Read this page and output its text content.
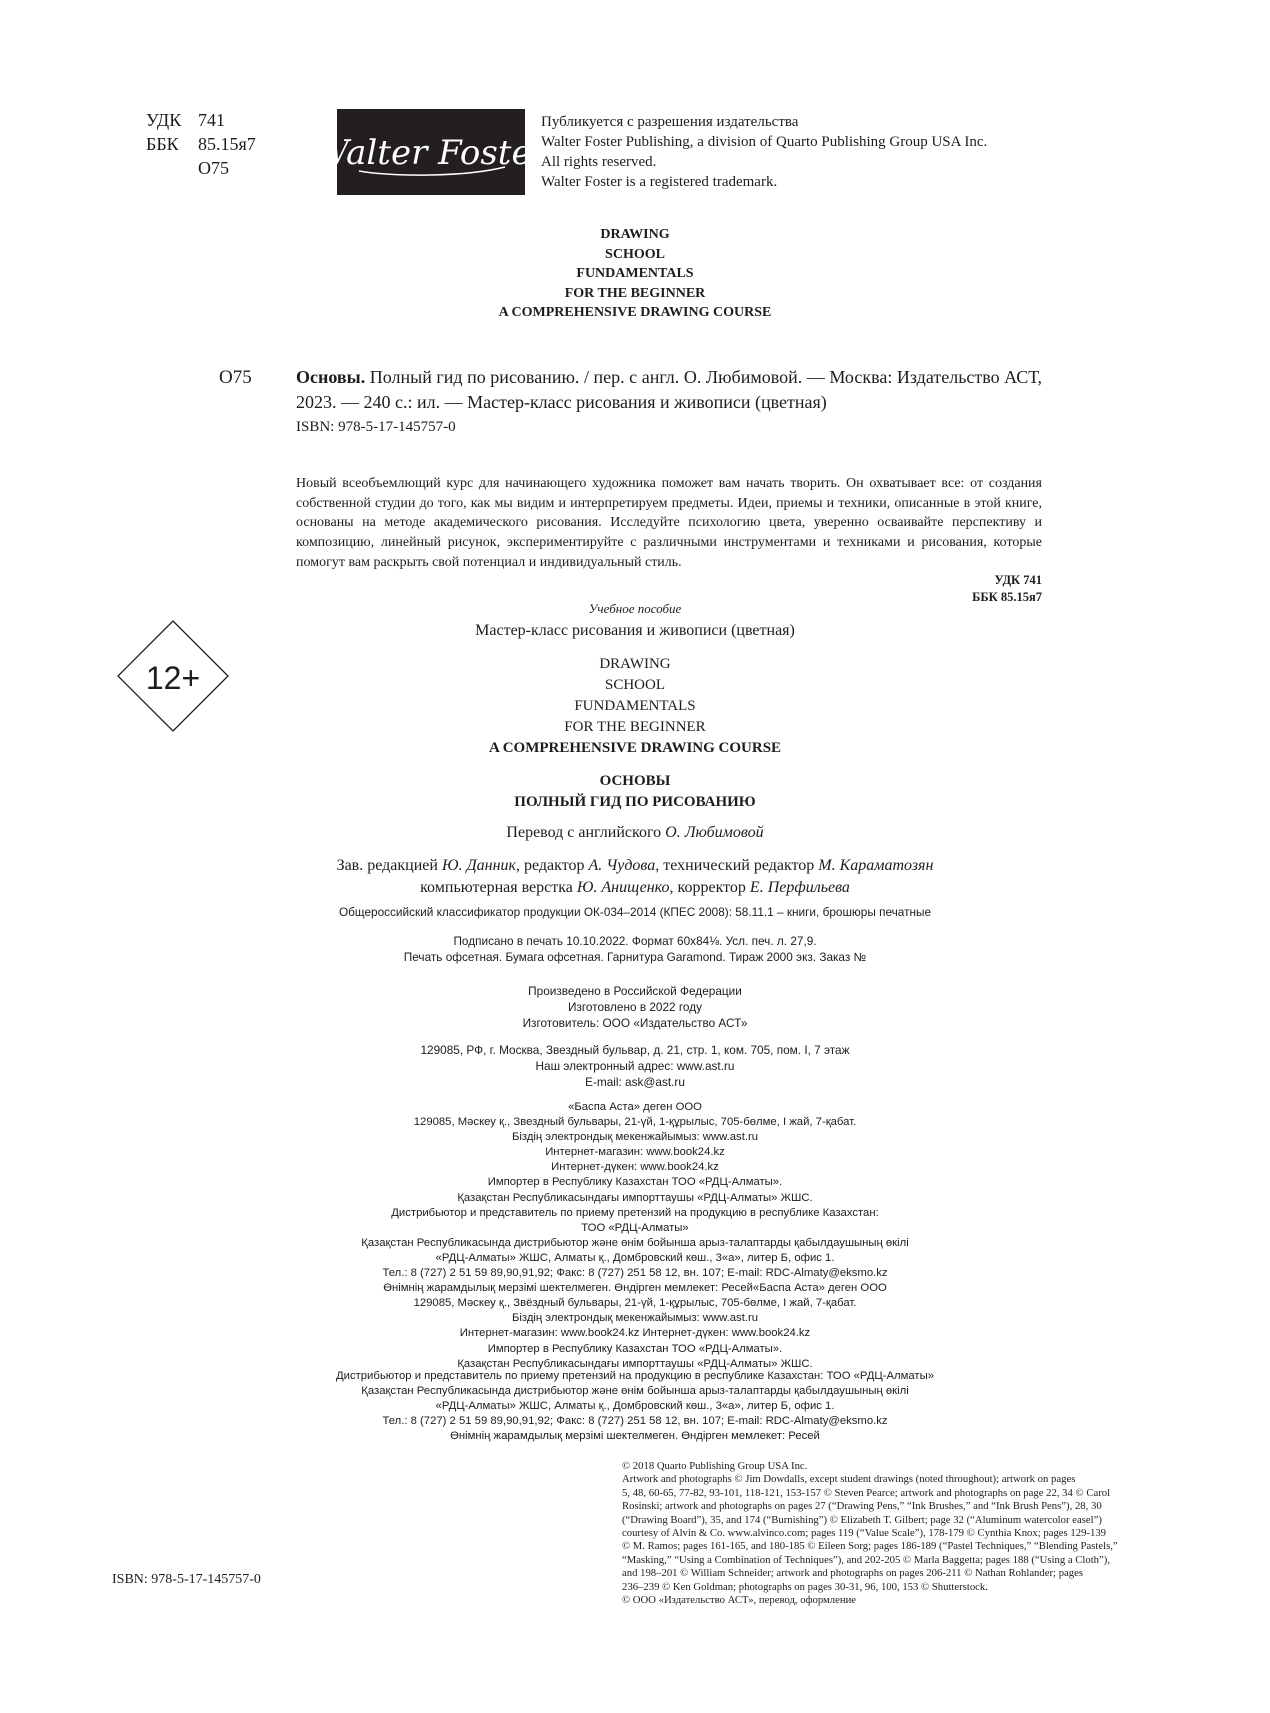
УДК 741
ББК 85.15я7
О75	Walter Foster
Публикуется с разрешения издательства
Walter Foster Publishing, a division of Quarto Publishing Group USA Inc.
All rights reserved.
Walter Foster is a registered trademark.
DRAWING
SCHOOL
FUNDAMENTALS
FOR THE BEGINNER
A COMPREHENSIVE DRAWING COURSE
О75 Основы. Полный гид по рисованию. / пер. с англ. О. Любимовой. — Москва: Издательство АСТ, 2023. — 240 с.: ил. — Мастер-класс рисования и живописи (цветная)
ISBN: 978-5-17-145757-0
Новый всеобъемлющий курс для начинающего художника поможет вам начать творить. Он охватывает все: от создания собственной студии до того, как мы видим и интерпретируем предметы. Идеи, приемы и техники, описанные в этой книге, основаны на методе академического рисования. Исследуйте психологию цвета, уверенно осваивайте перспективу и композицию, линейный рисунок, экспериментируйте с различными инструментами и техниками и рисования, которые помогут вам раскрыть свой потенциал и индивидуальный стиль.
УДК 741
ББК 85.15я7
12+
Учебное пособие
Мастер-класс рисования и живописи (цветная)
DRAWING
SCHOOL
FUNDAMENTALS
FOR THE BEGINNER
A COMPREHENSIVE DRAWING COURSE
ОСНОВЫ
ПОЛНЫЙ ГИД ПО РИСОВАНИЮ
Перевод с английского О. Любимовой
Зав. редакцией Ю. Данник, редактор А. Чудова, технический редактор М. Караматозян
компьютерная верстка Ю. Анищенко, корректор Е. Перфильева
Общероссийский классификатор продукции ОК-034–2014 (КПЕС 2008): 58.11.1 – книги, брошюры печатные
Подписано в печать 10.10.2022. Формат 60х84⅛. Усл. печ. л. 27,9.
Печать офсетная. Бумага офсетная. Гарнитура Garamond. Тираж 2000 экз. Заказ №
Произведено в Российской Федерации
Изготовлено в 2022 году
Изготовитель: ООО «Издательство АСТ»
129085, РФ, г. Москва, Звездный бульвар, д. 21, стр. 1, ком. 705, пом. I, 7 этаж
Наш электронный адрес: www.ast.ru
E-mail: ask@ast.ru
«Баспа Аста» деген ООО
129085, Мәскеу қ., Звездный бульвары, 21-үй, 1-құрылыс, 705-бөлме, I жай, 7-қабат.
Біздің электрондық мекенжайымыз: www.ast.ru
Интернет-магазин: www.book24.kz
Интернет-дүкен: www.book24.kz
Импортер в Республику Казахстан ТОО «РДЦ-Алматы».
Қазақстан Республикасындағы импорттаушы «РДЦ-Алматы» ЖШС.
Дистрибьютор и представитель по приему претензий на продукцию в республике Казахстан:
ТОО «РДЦ-Алматы»
Қазақстан Республикасында дистрибьютор және өнім бойынша арыз-талаптарды қабылдаушының өкілі
«РДЦ-Алматы» ЖШС, Алматы қ., Домбровский көш., 3«а», литер Б, офис 1.
Тел.: 8 (727) 2 51 59 89,90,91,92; Факс: 8 (727) 251 58 12, вн. 107; E-mail: RDC-Almaty@eksmo.kz
Өнімнің жарамдылық мерзімі шектелмеген. Өндірген мемлекет: Ресей«Баспа Аста» деген ООО
129085, Мәскеу қ., Звёздный бульвары, 21-үй, 1-құрылыс, 705-бөлме, I жай, 7-қабат.
Біздің электрондық мекенжайымыз: www.ast.ru
Интернет-магазин: www.book24.kz Интернет-дүкен: www.book24.kz
Импортер в Республику Казахстан ТОО «РДЦ-Алматы».
Қазақстан Республикасындағы импорттаушы «РДЦ-Алматы» ЖШС.
Дистрибьютор и представитель по приему претензий на продукцию в республике Казахстан: ТОО «РДЦ-Алматы»
Қазақстан Республикасында дистрибьютор және өнім бойынша арыз-талаптарды қабылдаушының өкілі
«РДЦ-Алматы» ЖШС, Алматы қ., Домбровский көш., 3«а», литер Б, офис 1.
Тел.: 8 (727) 2 51 59 89,90,91,92; Факс: 8 (727) 251 58 12, вн. 107; E-mail: RDC-Almaty@eksmo.kz
Өнімнің жарамдылық мерзімі шектелмеген. Өндірген мемлекет: Ресей
© 2018 Quarto Publishing Group USA Inc.
Artwork and photographs © Jim Dowdalls, except student drawings (noted throughout); artwork on pages
5, 48, 60-65, 77-82, 93-101, 118-121, 153-157 © Steven Pearce; artwork and photographs on page 22, 34 © Carol
Rosinski; artwork and photographs on pages 27 (“Drawing Pens,” “Ink Brushes,” and “Ink Brush Pens”), 28, 30
(“Drawing Board”), 35, and 174 (“Burnishing”) © Elizabeth T. Gilbert; page 32 (“Aluminum watercolor easel”)
courtesy of Alvin & Co. www.alvinco.com; pages 119 (“Value Scale”), 178-179 © Cynthia Knox; pages 129-139
© M. Ramos; pages 161-165, and 180-185 © Eileen Sorg; pages 186-189 (“Pastel Techniques,” “Blending Pastels,”
“Masking,” “Using a Combination of Techniques”), and 202-205 © Marla Baggetta; pages 188 (“Using a Cloth”),
and 198–201 © William Schneider; artwork and photographs on pages 206-211 © Nathan Rohlander; pages
236–239 © Ken Goldman; photographs on pages 30-31, 96, 100, 153 © Shutterstock.
© ООО «Издательство АСТ», перевод, оформление
ISBN: 978-5-17-145757-0
